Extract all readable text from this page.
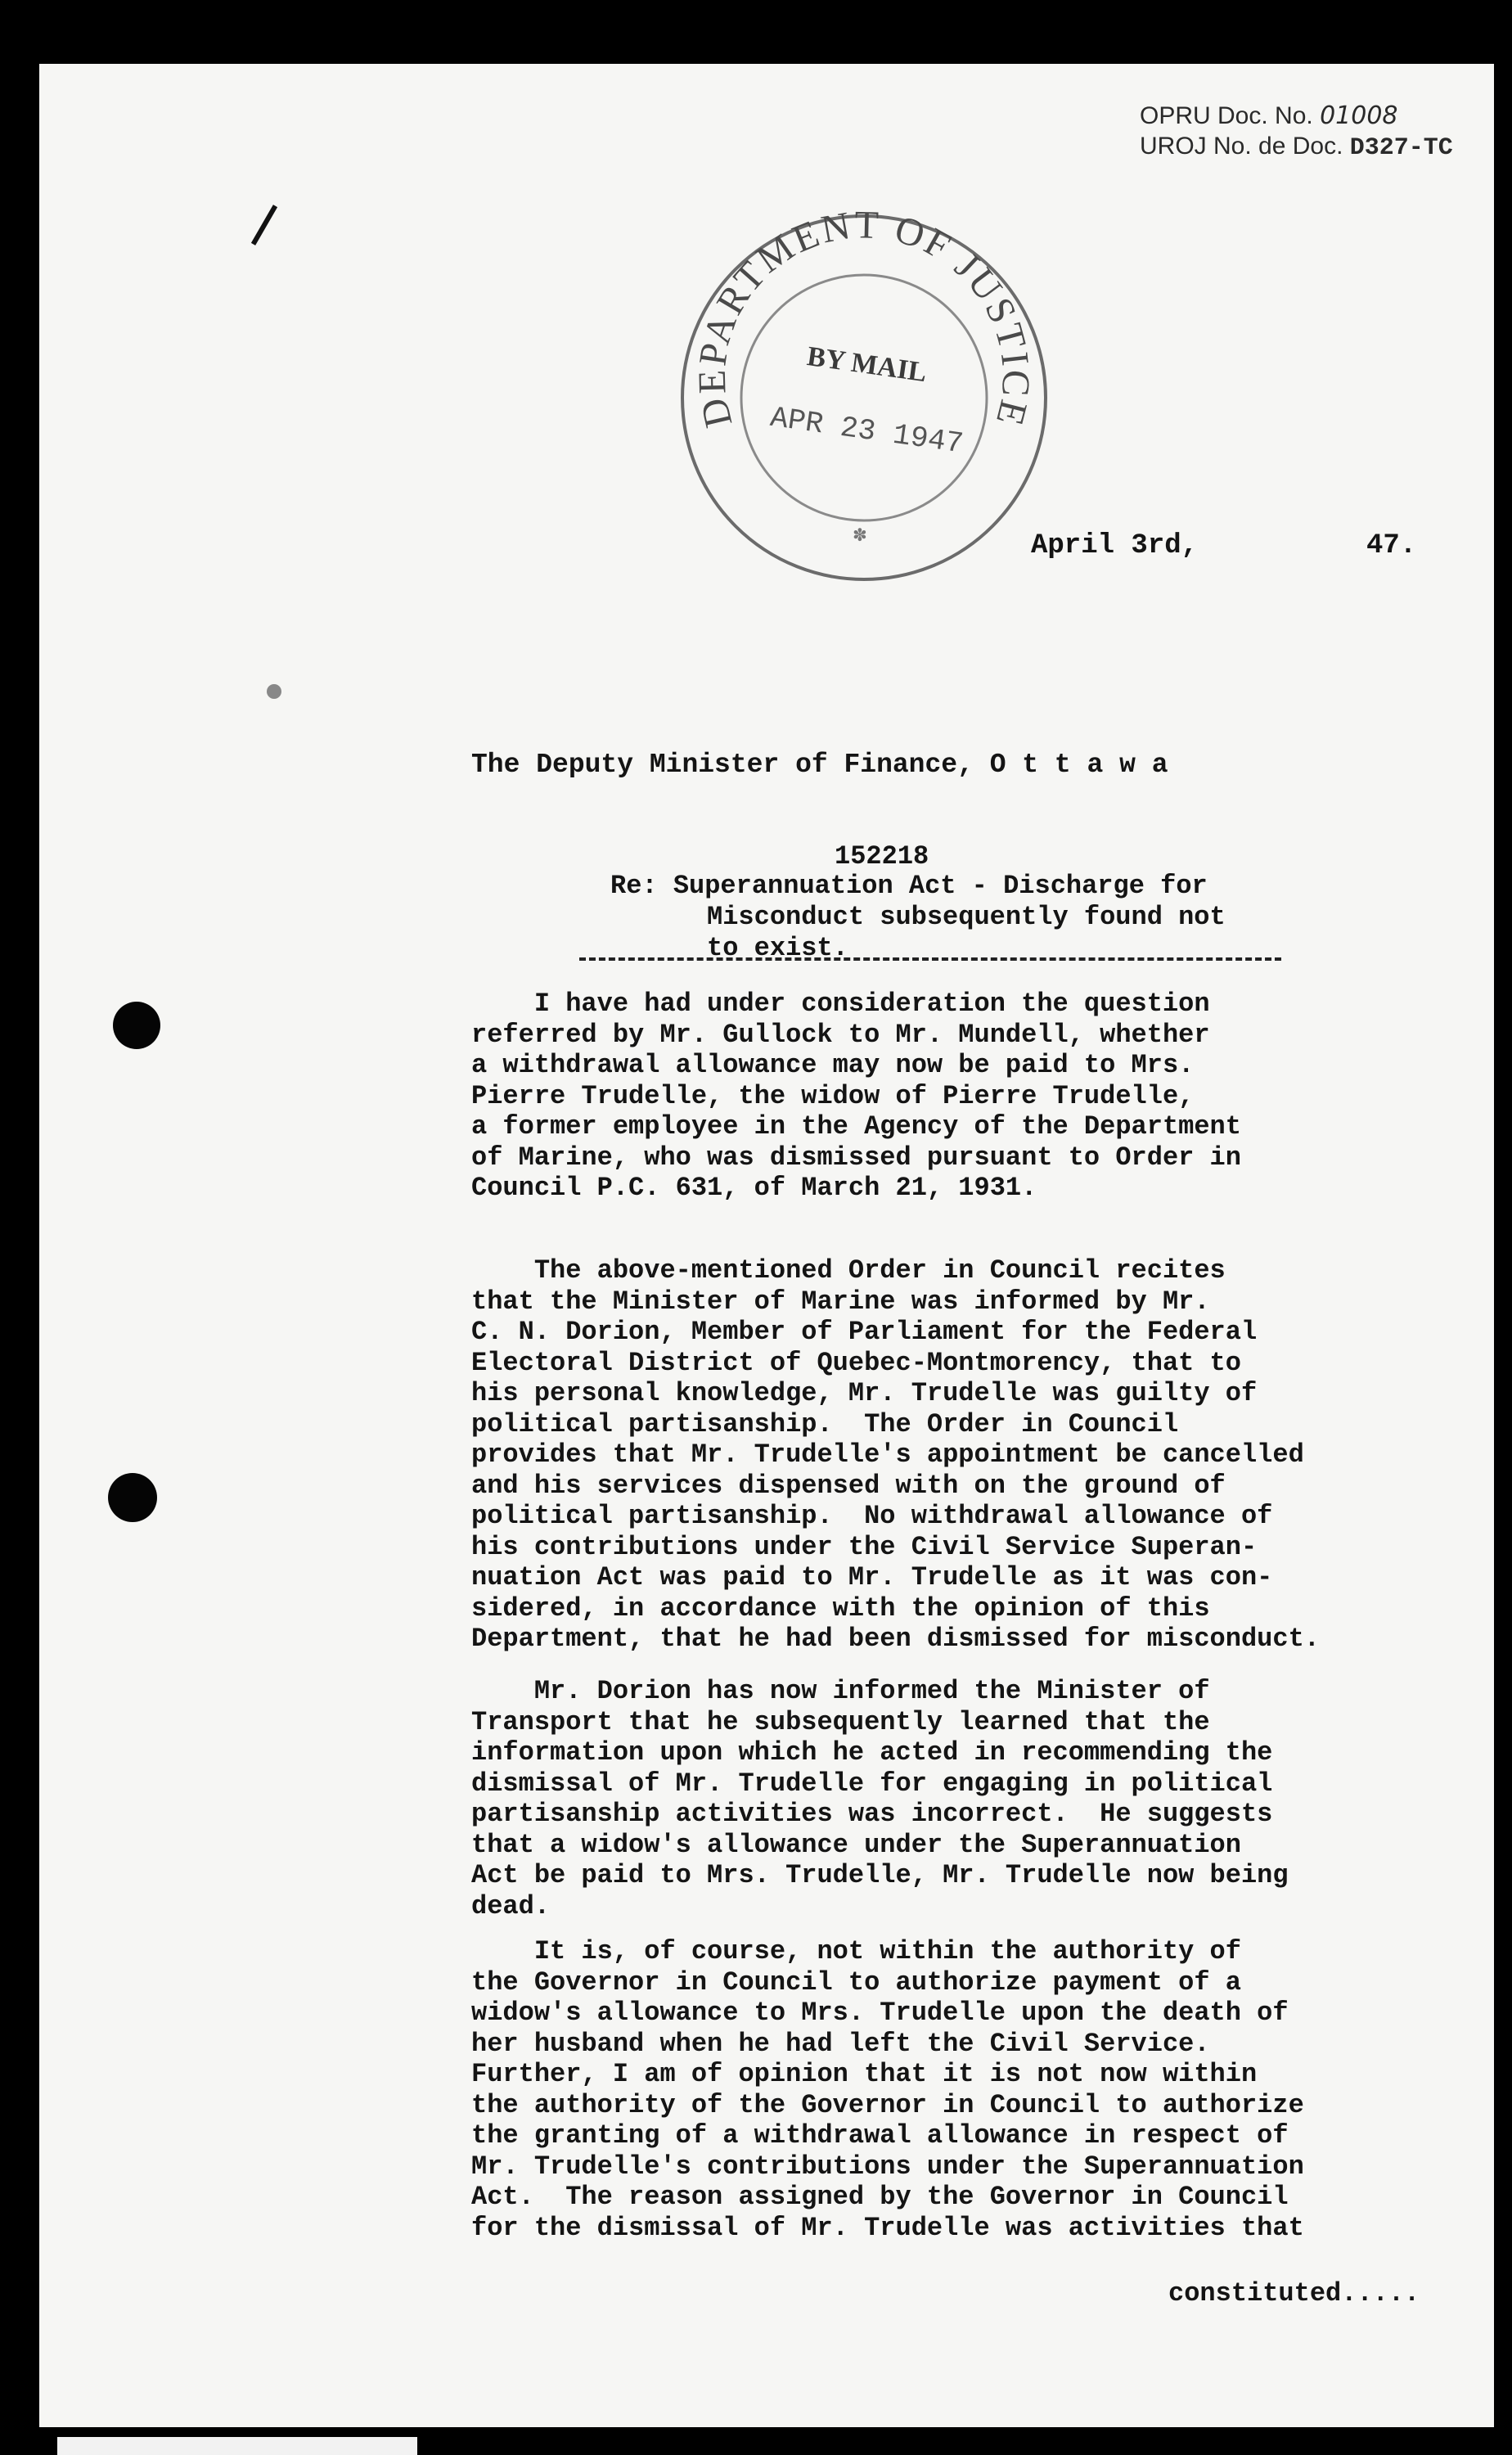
OPRU Doc. No. 01008
UROJ No. de Doc. D327-TC
DEPARTMENT OF JUSTICE
BY MAIL
APR 23 1947
✽	April 3rd,	47.
The Deputy Minister of Finance, O t t a w a
152218
Re: Superannuation Act - Discharge for
Misconduct subsequently found not
to exist.
I have had under consideration the question
referred by Mr. Gullock to Mr. Mundell, whether
a withdrawal allowance may now be paid to Mrs.
Pierre Trudelle, the widow of Pierre Trudelle,
a former employee in the Agency of the Department
of Marine, who was dismissed pursuant to Order in
Council P.C. 631, of March 21, 1931.
The above-mentioned Order in Council recites
that the Minister of Marine was informed by Mr.
C. N. Dorion, Member of Parliament for the Federal
Electoral District of Quebec-Montmorency, that to
his personal knowledge, Mr. Trudelle was guilty of
political partisanship.  The Order in Council
provides that Mr. Trudelle's appointment be cancelled
and his services dispensed with on the ground of
political partisanship.  No withdrawal allowance of
his contributions under the Civil Service Superan-
nuation Act was paid to Mr. Trudelle as it was con-
sidered, in accordance with the opinion of this
Department, that he had been dismissed for misconduct.
Mr. Dorion has now informed the Minister of
Transport that he subsequently learned that the
information upon which he acted in recommending the
dismissal of Mr. Trudelle for engaging in political
partisanship activities was incorrect.  He suggests
that a widow's allowance under the Superannuation
Act be paid to Mrs. Trudelle, Mr. Trudelle now being
dead.
It is, of course, not within the authority of
the Governor in Council to authorize payment of a
widow's allowance to Mrs. Trudelle upon the death of
her husband when he had left the Civil Service.
Further, I am of opinion that it is not now within
the authority of the Governor in Council to authorize
the granting of a withdrawal allowance in respect of
Mr. Trudelle's contributions under the Superannuation
Act.  The reason assigned by the Governor in Council
for the dismissal of Mr. Trudelle was activities that
constituted.....
